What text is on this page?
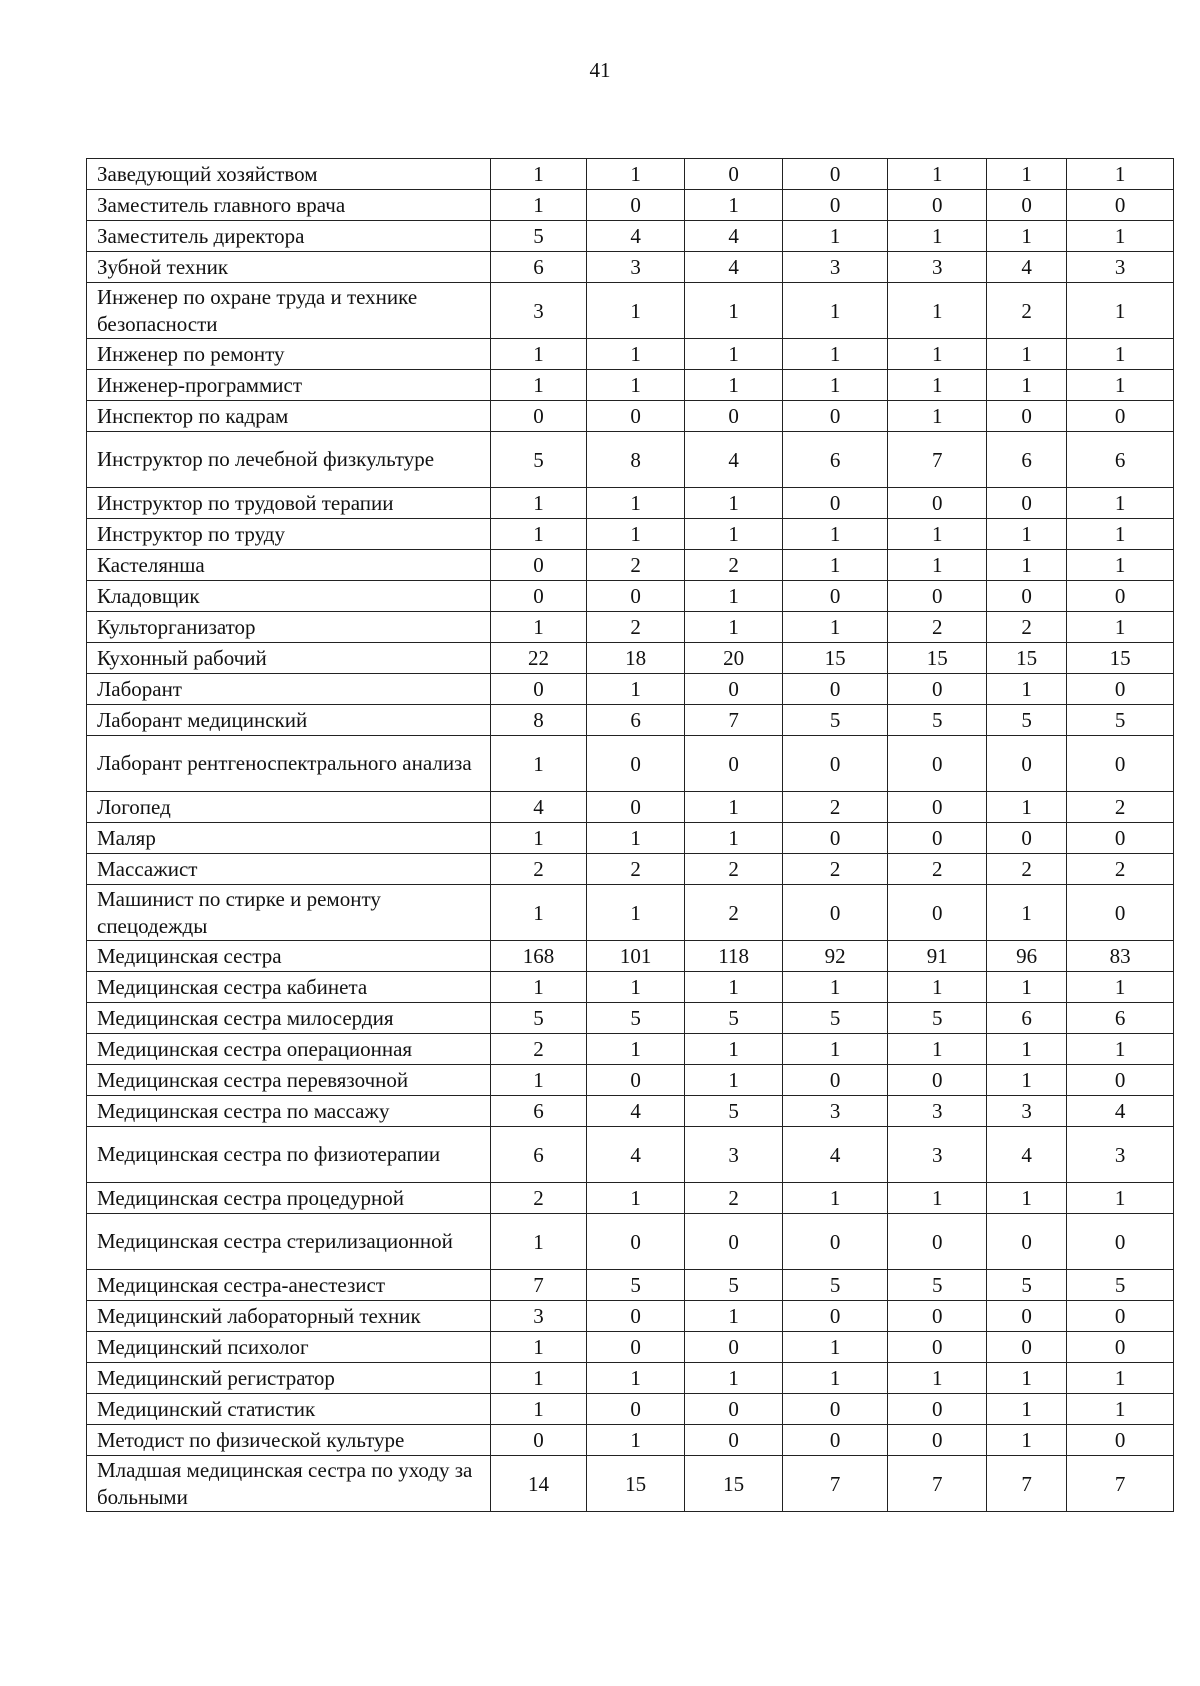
41
Заведующий хозяйством	1	1	0	0	1	1	1
Заместитель главного врача	1	0	1	0	0	0	0
Заместитель директора	5	4	4	1	1	1	1
Зубной техник	6	3	4	3	3	4	3
Инженер по охране труда и технике безопасности	3	1	1	1	1	2	1
Инженер по ремонту	1	1	1	1	1	1	1
Инженер-программист	1	1	1	1	1	1	1
Инспектор по кадрам	0	0	0	0	1	0	0
Инструктор по лечебной физкультуре	5	8	4	6	7	6	6
Инструктор по трудовой терапии	1	1	1	0	0	0	1
Инструктор по труду	1	1	1	1	1	1	1
Кастелянша	0	2	2	1	1	1	1
Кладовщик	0	0	1	0	0	0	0
Культорганизатор	1	2	1	1	2	2	1
Кухонный рабочий	22	18	20	15	15	15	15
Лаборант	0	1	0	0	0	1	0
Лаборант медицинский	8	6	7	5	5	5	5
Лаборант рентгеноспектрального анализа	1	0	0	0	0	0	0
Логопед	4	0	1	2	0	1	2
Маляр	1	1	1	0	0	0	0
Массажист	2	2	2	2	2	2	2
Машинист по стирке и ремонту спецодежды	1	1	2	0	0	1	0
Медицинская сестра	168	101	118	92	91	96	83
Медицинская сестра кабинета	1	1	1	1	1	1	1
Медицинская сестра милосердия	5	5	5	5	5	6	6
Медицинская сестра операционная	2	1	1	1	1	1	1
Медицинская сестра перевязочной	1	0	1	0	0	1	0
Медицинская сестра по массажу	6	4	5	3	3	3	4
Медицинская сестра по физиотерапии	6	4	3	4	3	4	3
Медицинская сестра процедурной	2	1	2	1	1	1	1
Медицинская сестра стерилизационной	1	0	0	0	0	0	0
Медицинская сестра-анестезист	7	5	5	5	5	5	5
Медицинский лабораторный техник	3	0	1	0	0	0	0
Медицинский психолог	1	0	0	1	0	0	0
Медицинский регистратор	1	1	1	1	1	1	1
Медицинский статистик	1	0	0	0	0	1	1
Методист по физической культуре	0	1	0	0	0	1	0
Младшая медицинская сестра по уходу за больными	14	15	15	7	7	7	7
